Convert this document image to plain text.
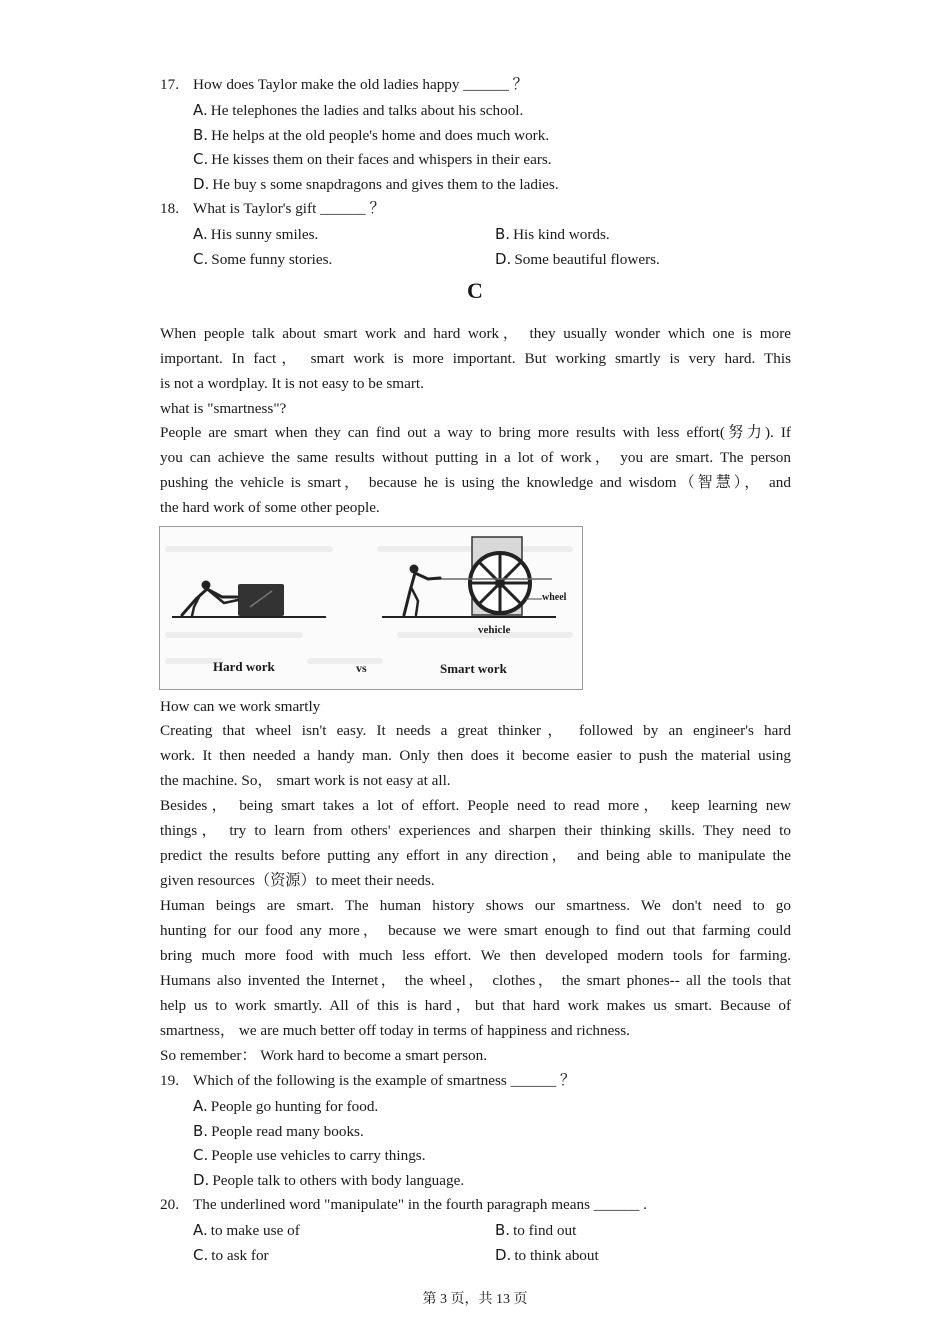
17. How does Taylor make the old ladies happy ______ ？
A. He telephones the ladies and talks about his school.
B. He helps at the old people's home and does much work.
C. He kisses them on their faces and whispers in their ears.
D. He buy s some snapdragons and gives them to the ladies.
18. What is Taylor's gift ______ ？
A. His sunny smiles.	B. His kind words.
C. Some funny stories.	D. Some beautiful flowers.
C
When people talk about smart work and hard work， they usually wonder which one is more
important. In fact， smart work is more important. But working smartly is very hard. This
is not a wordplay. It is not easy to be smart.
what is "smartness"?
People are smart when they can find out a way to bring more results with less effort(努力). If
you can achieve the same results without putting in a lot of work， you are smart. The person
pushing the vehicle is smart， because he is using the knowledge and wisdom（智慧）， and
the hard work of some other people.
wheel
vehicle
Hard work	vs	Smart work
How can we work smartly
Creating that wheel isn't easy. It needs a great thinker， followed by an engineer's hard
work. It then needed a handy man. Only then does it become easier to push the material using
the machine. So， smart work is not easy at all.
Besides， being smart takes a lot of effort. People need to read more， keep learning new
things， try to learn from others' experiences and sharpen their thinking skills. They need to
predict the results before putting any effort in any direction， and being able to manipulate the
given resources（资源）to meet their needs.
Human beings are smart. The human history shows our smartness. We don't need to go
hunting for our food any more， because we were smart enough to find out that farming could
bring much more food with much less effort. We then developed modern tools for farming.
Humans also invented the Internet， the wheel， clothes， the smart phones-- all the tools that
help us to work smartly. All of this is hard，but that hard work makes us smart. Because of
smartness， we are much better off today in terms of happiness and richness.
So remember： Work hard to become a smart person.
19. Which of the following is the example of smartness ______ ？
A. People go hunting for food.
B. People read many books.
C. People use vehicles to carry things.
D. People talk to others with body language.
20. The underlined word "manipulate" in the fourth paragraph means ______ .
A. to make use of	B. to find out
C. to ask for	D. to think about
第 3 页，共 13 页
